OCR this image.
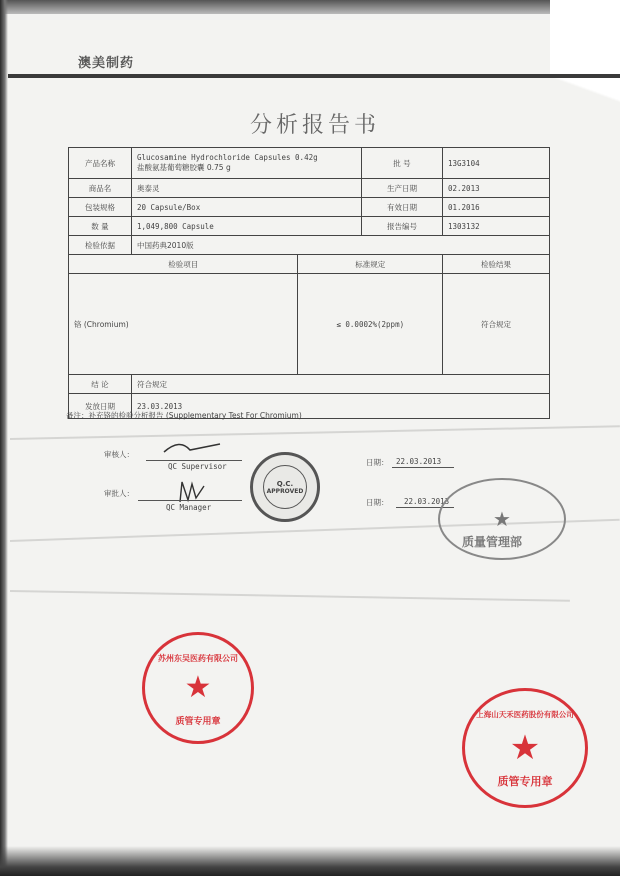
澳美制药
分析报告书
产品名称	Glucosamine Hydrochloride Capsules 0.42g
盐酸氨基葡萄糖胶囊 0.75 g		批 号	13G3104
商品名	奥泰灵		生产日期	02.2013
包装规格	20 Capsule/Box		有效日期	01.2016
数 量	1,049,800 Capsule		报告编号	1303132
检验依据	中国药典2010版			
检验项目		标准规定		检验结果
铬 (Chromium)		≤ 0.0002%(2ppm)		符合规定
结 论	符合规定			
发放日期	23.03.2013			
备注：补充铬的检验分析报告 (Supplementary Test For Chromium)
审核人：
QC Supervisor
审批人：
QC Manager
日期： 22.03.2013
日期： 22.03.2013
Q.C.
APPROVED
★
质量管理部
苏州东吴医药有限公司
★
质管专用章
上海山天禾医药股份有限公司
★
质管专用章
